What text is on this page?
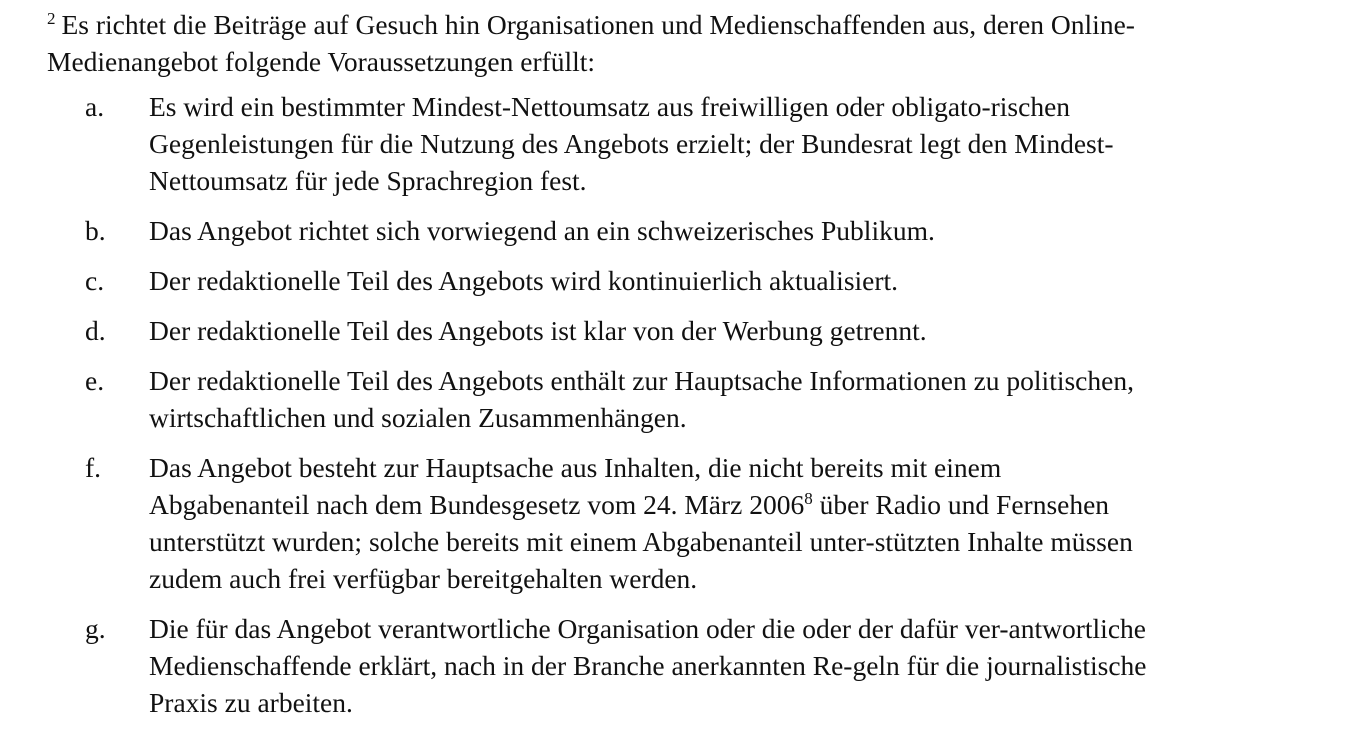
$^2$ Es richtet die Beiträge auf Gesuch hin Organisationen und Medienschaffenden aus, deren Online-Medienangebot folgende Voraussetzungen erfüllt:

a. Es wird ein bestimmter Mindest-Nettoumsatz aus freiwilligen oder obligato-rischen Gegenleistungen für die Nutzung des Angebots erzielt; der Bundesrat legt den Mindest-Nettoumsatz für jede Sprachregion fest.
b. Das Angebot richtet sich vorwiegend an ein schweizerisches Publikum.
c. Der redaktionelle Teil des Angebots wird kontinuierlich aktualisiert.
d. Der redaktionelle Teil des Angebots ist klar von der Werbung getrennt.
e. Der redaktionelle Teil des Angebots enthält zur Hauptsache Informationen zu politischen, wirtschaftlichen und sozialen Zusammenhängen.
f. Das Angebot besteht zur Hauptsache aus Inhalten, die nicht bereits mit einem Abgabenanteil nach dem Bundesgesetz vom 24. März 2006$^8$ über Radio und Fernsehen unterstützt wurden; solche bereits mit einem Abgabenanteil unter-stützten Inhalte müssen zudem auch frei verfügbar bereitgehalten werden.
g. Die für das Angebot verantwortliche Organisation oder die oder der dafür ver-antwortliche Medienschaffende erklärt, nach in der Branche anerkannten Re-geln für die journalistische Praxis zu arbeiten.
